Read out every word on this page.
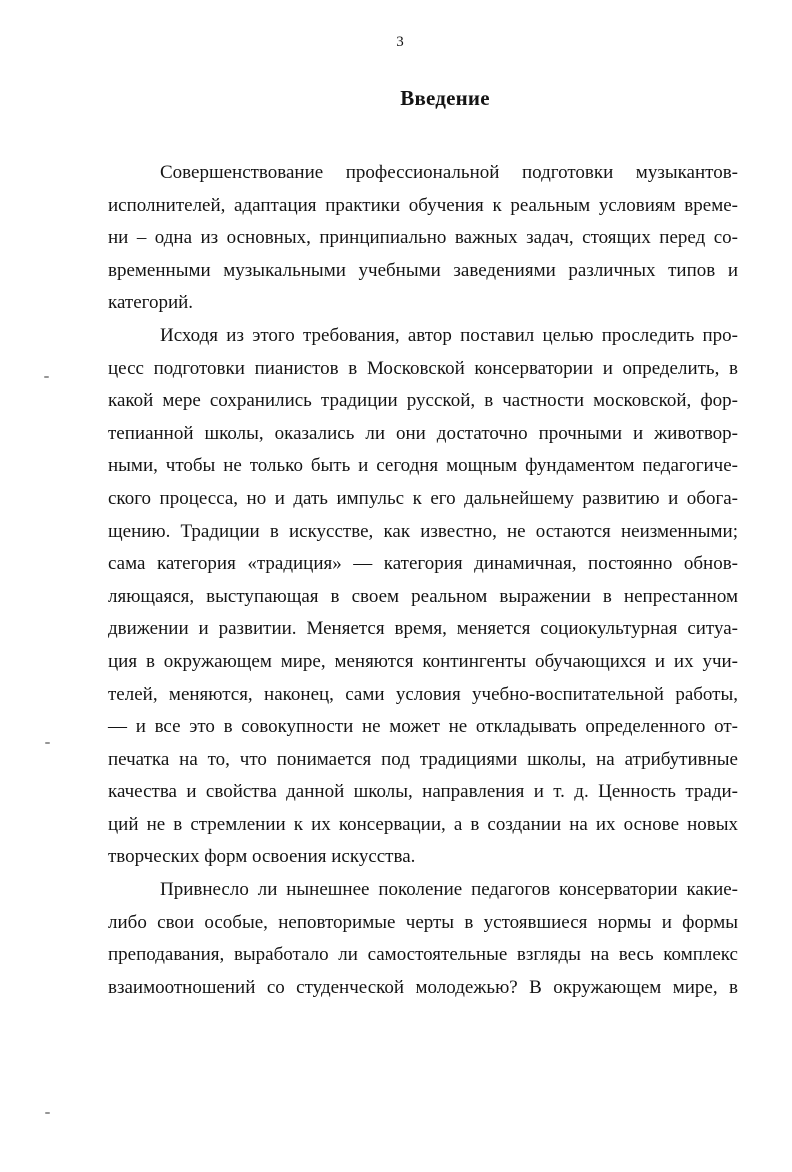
3
Введение
Совершенствование профессиональной подготовки музыкантов-
исполнителей, адаптация практики обучения к реальным условиям време-
ни – одна из основных, принципиально важных задач, стоящих перед со-
временными музыкальными учебными заведениями различных типов и
категорий.
Исходя из этого требования, автор поставил целью проследить про-
цесс подготовки пианистов в Московской консерватории и определить, в
какой мере сохранились традиции русской, в частности московской, фор-
тепианной школы, оказались ли они достаточно прочными и животвор-
ными, чтобы не только быть и сегодня мощным фундаментом педагогиче-
ского процесса, но и дать импульс к его дальнейшему развитию и обога-
щению. Традиции в искусстве, как известно, не остаются неизменными;
сама категория «традиция» — категория динамичная, постоянно обнов-
ляющаяся, выступающая в своем реальном выражении в непрестанном
движении и развитии. Меняется время, меняется социокультурная ситуа-
ция в окружающем мире, меняются контингенты обучающихся и их учи-
телей, меняются, наконец, сами условия учебно-воспитательной работы,
— и все это в совокупности не может не откладывать определенного от-
печатка на то, что понимается под традициями школы, на атрибутивные
качества и свойства данной школы, направления и т. д. Ценность тради-
ций не в стремлении к их консервации, а в создании на их основе новых
творческих форм освоения искусства.
Привнесло ли нынешнее поколение педагогов консерватории какие-
либо свои особые, неповторимые черты в устоявшиеся нормы и формы
преподавания, выработало ли самостоятельные взгляды на весь комплекс
взаимоотношений со студенческой молодежью? В окружающем мире, в
